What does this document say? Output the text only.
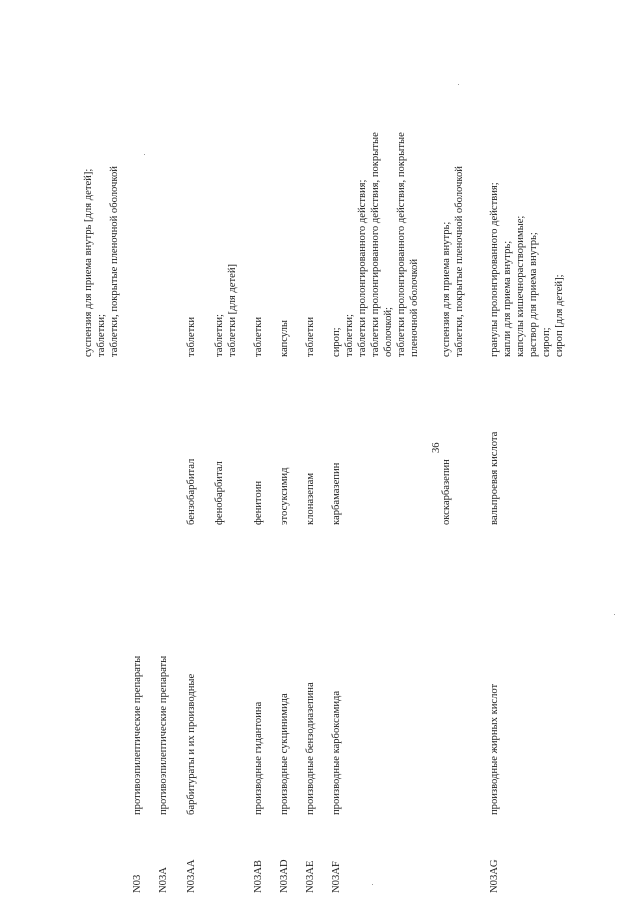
36
суспензия для приема внутрь [для детей]; таблетки; таблетки, покрытые пленочной оболочкой
N03
противоэпилептические препараты
N03A
противоэпилептические препараты
N03AA
барбитураты и их производные
бензобарбитал
таблетки
фенобарбитал
таблетки; таблетки [для детей]
N03AB
производные гидантоина
фенитоин
таблетки
N03AD
производные сукцинимида
этосуксимид
капсулы
N03AE
производные бензодиазепина
клоназепам
таблетки
N03AF
производные карбоксамида
карбамазепин
сироп; таблетки; таблетки пролонгированного действия; таблетки пролонгированного действия, покрытые оболочкой; таблетки пролонгированного действия, покрытые пленочной оболочкой
окскарбазепин
суспензия для приема внутрь; таблетки, покрытые пленочной оболочкой
N03AG
производные жирных кислот
вальпроевая кислота
гранулы пролонгированного действия; капли для приема внутрь; капсулы кишечнорастворимые; раствор для приема внутрь; сироп; сироп [для детей];
